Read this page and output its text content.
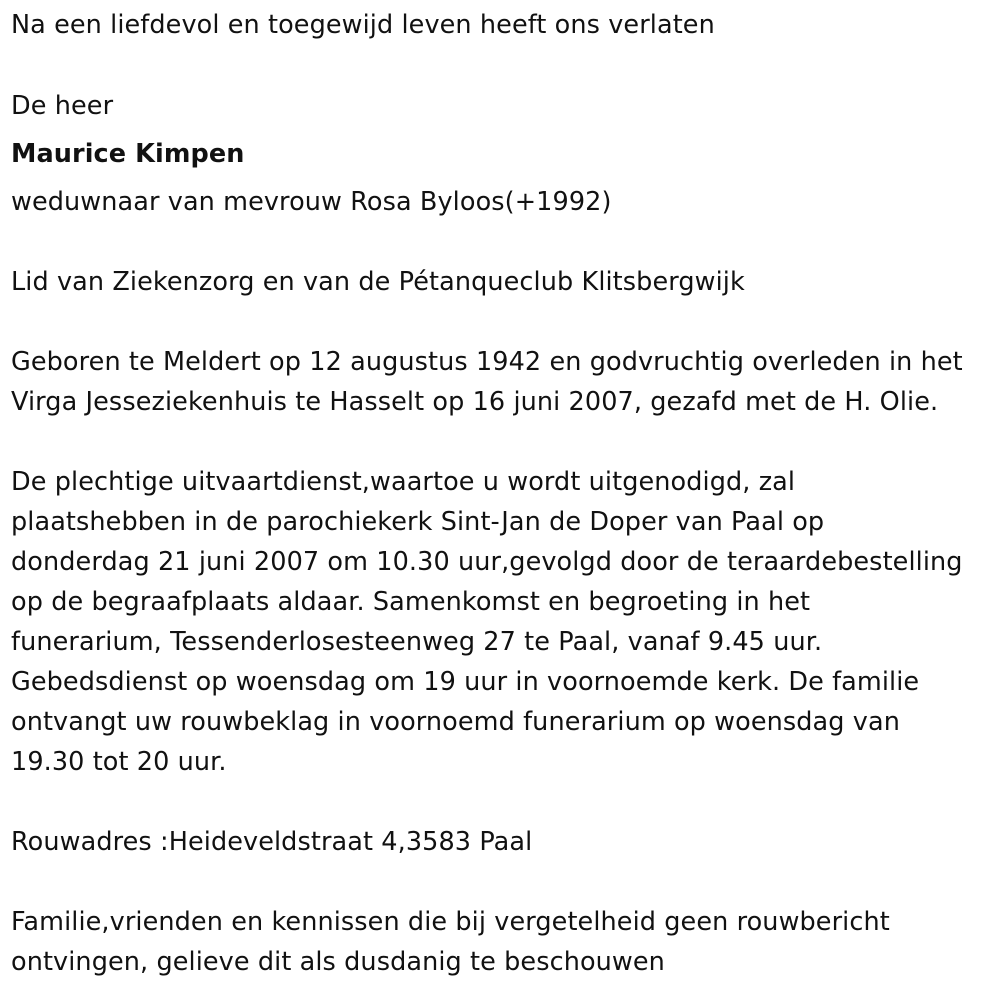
Na een liefdevol en toegewijd leven heeft ons verlaten
De heer
Maurice Kimpen
weduwnaar van mevrouw Rosa Byloos(+1992)
Lid van Ziekenzorg en van de Pétanqueclub Klitsbergwijk
Geboren te Meldert op 12 augustus 1942 en godvruchtig overleden in het
Virga Jesseziekenhuis te Hasselt op 16 juni 2007, gezafd met de H. Olie.
De plechtige uitvaartdienst,waartoe u wordt uitgenodigd, zal
plaatshebben in de parochiekerk Sint-Jan de Doper van Paal op
donderdag 21 juni 2007 om 10.30 uur,gevolgd door de teraardebestelling
op de begraafplaats aldaar. Samenkomst en begroeting in het
funerarium, Tessenderlosesteenweg 27 te Paal, vanaf 9.45 uur.
Gebedsdienst op woensdag om 19 uur in voornoemde kerk. De familie
ontvangt uw rouwbeklag in voornoemd funerarium op woensdag van
19.30 tot 20 uur.
Rouwadres :Heideveldstraat 4,3583 Paal
Familie,vrienden en kennissen die bij vergetelheid geen rouwbericht
ontvingen, gelieve dit als dusdanig te beschouwen
